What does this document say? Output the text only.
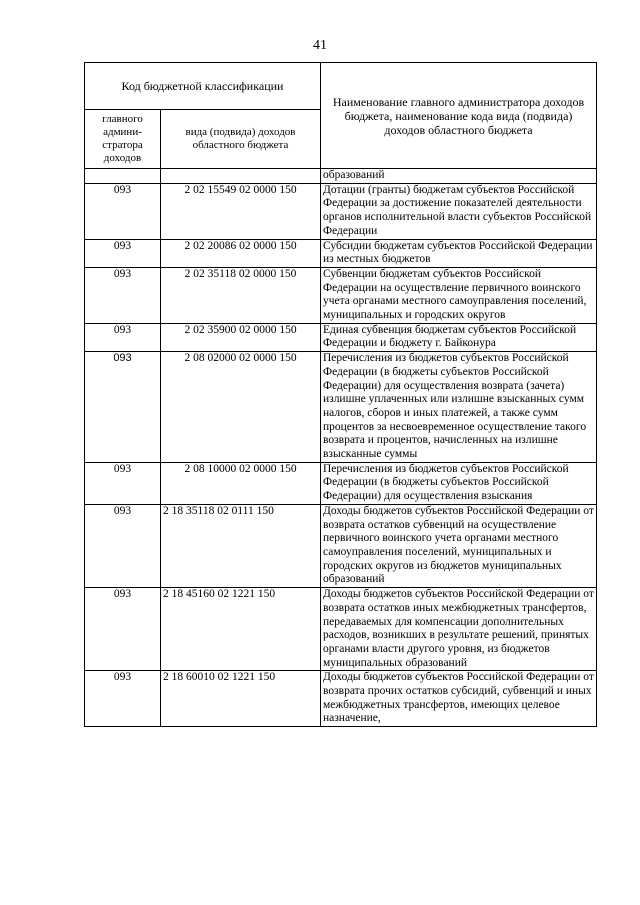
41
Код бюджетной классификации		Наименование главного администратора доходов бюджета, наименование кода вида (подвида) доходов областного бюджета
главного админи-стратора доходов	вида (подвида) доходов областного бюджета	
		образований
093	2 02 15549 02 0000 150	Дотации (гранты) бюджетам субъектов Российской Федерации за достижение показателей деятельности органов исполнительной власти субъектов Российской Федерации
093	2 02 20086 02 0000 150	Субсидии бюджетам субъектов Российской Федерации из местных бюджетов
093	2 02 35118 02 0000 150	Субвенции бюджетам субъектов Российской Федерации на осуществление первичного воинского учета органами местного самоуправления поселений, муниципальных и городских округов
093	2 02 35900 02 0000 150	Единая субвенция бюджетам субъектов Российской Федерации и бюджету г. Байконура
093	2 08 02000 02 0000 150	Перечисления из бюджетов субъектов Российской Федерации (в бюджеты субъектов Российской Федерации) для осуществления возврата (зачета) излишне уплаченных или излишне взысканных сумм налогов, сборов и иных платежей, а также сумм процентов за несвоевременное осуществление такого возврата и процентов, начисленных на излишне взысканные суммы
093	2 08 10000 02 0000 150	Перечисления из бюджетов субъектов Российской Федерации (в бюджеты субъектов Российской Федерации) для осуществления взыскания
093	2 18 35118 02 0111 150	Доходы бюджетов субъектов Российской Федерации от возврата остатков субвенций на осуществление первичного воинского учета органами местного самоуправления поселений, муниципальных и городских округов из бюджетов муниципальных образований
093	2 18 45160 02 1221 150	Доходы бюджетов субъектов Российской Федерации от возврата остатков иных межбюджетных трансфертов, передаваемых для компенсации дополнительных расходов, возникших в результате решений, принятых органами власти другого уровня, из бюджетов муниципальных образований
093	2 18 60010 02 1221 150	Доходы бюджетов субъектов Российской Федерации от возврата прочих остатков субсидий, субвенций и иных межбюджетных трансфертов, имеющих целевое назначение,
